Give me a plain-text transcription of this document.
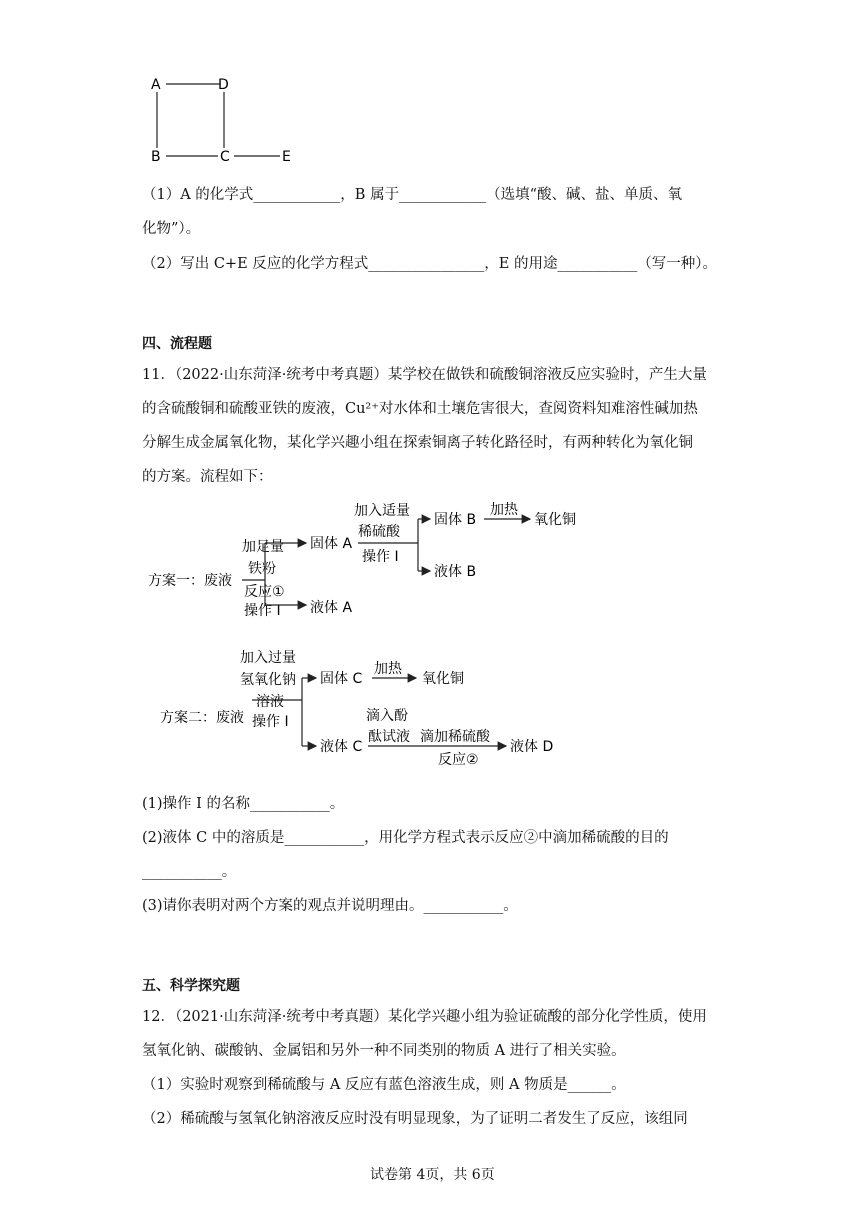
A	D
B	C	E
（1）A 的化学式____________，B 属于____________（选填“酸、碱、盐、单质、氧
化物”）。
（2）写出 C+E 反应的化学方程式________________，E 的用途___________（写一种）。
四、流程题
11．（2022·山东菏泽·统考中考真题）某学校在做铁和硫酸铜溶液反应实验时，产生大量
的含硫酸铜和硫酸亚铁的废液，Cu²⁺对水体和土壤危害很大，查阅资料知难溶性碱加热
分解生成金属氧化物，某化学兴趣小组在探索铜离子转化路径时，有两种转化为氧化铜
的方案。流程如下：
方案一：废液
加足量
铁粉
反应①
操作 I
固体 A
液体 A
加入适量
稀硫酸
操作 I
固体 B
液体 B
加热
氧化铜
方案二：废液
加入过量
氢氧化钠
溶液
操作 I
固体 C
液体 C
加热
氧化铜
滴入酚
酞试液 滴加稀硫酸
反应②
液体 D
(1)操作 I 的名称___________。
(2)液体 C 中的溶质是___________，用化学方程式表示反应②中滴加稀硫酸的目的
___________。
(3)请你表明对两个方案的观点并说明理由。___________。
五、科学探究题
12．（2021·山东菏泽·统考中考真题）某化学兴趣小组为验证硫酸的部分化学性质，使用
氢氧化钠、碳酸钠、金属铝和另外一种不同类别的物质 A 进行了相关实验。
（1）实验时观察到稀硫酸与 A 反应有蓝色溶液生成，则 A 物质是______。
（2）稀硫酸与氢氧化钠溶液反应时没有明显现象，为了证明二者发生了反应，该组同
试卷第 4页，共 6页
